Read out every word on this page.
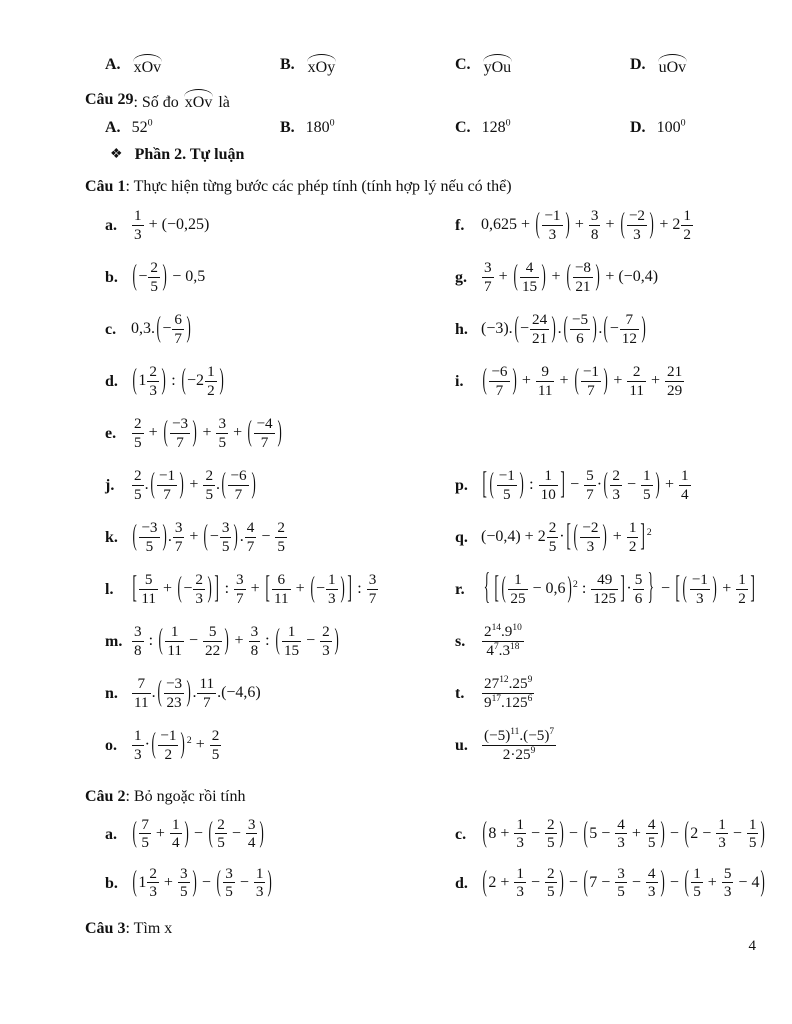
A. xOv	B. xOy	C. yOu	D. uOv
Câu 29 : Số đo xOv là
A. $52^0$	B. $180^0$	C. $128^0$	D. $100^0$
❖ Phần 2. Tự luận
Câu 1 : Thực hiện từng bước các phép tính (tính hợp lý nếu có thể)
a. $\frac{1}{3} + (-0,25)$	f.	0,625 + ( $\frac{-1}{3}$ ) + $\frac{3}{8}$ + ( $\frac{-2}{3}$ ) + $2 \frac{1}{2}$
b. (− $\frac{2}{5}$ ) − 0,5	g. $\frac{3}{7}$ + ( $\frac{4}{15}$ ) + ( $\frac{-8}{21}$ ) + (−0,4)
c. $0,3.(- \frac{6}{7}$ )	h. $(-3).(- \frac{24}{21}$ ).( $\frac{-5}{6}$ ).(− $\frac{7}{12}$ )
d. ($1 \frac{2}{3}$ ) : ($-2 \frac{1}{2}$ )	i.	( $\frac{-6}{7}$ ) + $\frac{9}{11}$ + ( $\frac{-1}{7}$ ) + $\frac{2}{11} + \frac{21}{29}$
e.	$\frac{2}{5}$ + ( $\frac{-3}{7}$ ) + $\frac{3}{5}$ + ( $\frac{-4}{7}$ )
j.	$\frac{2}{5}$ .( $\frac{-1}{7}$ ) + $\frac{2}{5}$ .( $\frac{-6}{7}$ )	p. [ ( $\frac{-1}{5}$ ) : $\frac{1}{10}$ ] − $\frac{5}{7}$ ·( $\frac{2}{3} - \frac{1}{5}$ ) + $\frac{1}{4}$
k. ( $\frac{-3}{5}$ ). $\frac{3}{7}$ + (− $\frac{3}{5}$ ). $\frac{4}{7} - \frac{2}{5}$	q. $(-0,4) + 2 \frac{2}{5}$ ·[ ( $\frac{-2}{3}$ ) + $\frac{1}{2} ]^2$
l.	[ $\frac{5}{11}$ + (− $\frac{2}{3}$ ) ] : $\frac{3}{7}$ + [ $\frac{6}{11}$ + (− $\frac{1}{3}$ ) ] : $\frac{3}{7}$	r.	{ [ ( $\frac{1}{25} - 0,6$) $^2$ : $\frac{49}{125}$ ]· $\frac{5}{6}$ } − [ ( $\frac{-1}{3}$ ) + $\frac{1}{2}$ ]
m. $\frac{3}{8}$ : ( $\frac{1}{11} - \frac{5}{22}$ ) + $\frac{3}{8}$ : ( $\frac{1}{15} - \frac{2}{3}$ )	s.	$\frac{2^{14}.9^{10}}{4^7.3^{18}}$
n. $\frac{7}{11}$ .( $\frac{-3}{23}$ ). $\frac{11}{7} .(-4,6)$	t.	$\frac{27^{12}.25^9}{9^{17}.125^6}$
o. $\frac{1}{3}$ ·( $\frac{-1}{2}$ ) $^2 + \frac{2}{5}$	u. $\frac{(-5)^{11}.(-5)^7}{2\cdot 25^9}$
Câu 2 : Bỏ ngoặc rồi tính
a. ( $\frac{7}{5} + \frac{1}{4}$ ) − ( $\frac{2}{5} - \frac{3}{4}$ )	c.	($8 + \frac{1}{3} - \frac{2}{5}$ ) − ($5 - \frac{4}{3} + \frac{4}{5}$ ) − ($2 - \frac{1}{3} - \frac{1}{5}$ )
b. ($1 \frac{2}{3} + \frac{3}{5}$ ) − ( $\frac{3}{5} - \frac{1}{3}$ )	d. ($2 + \frac{1}{3} - \frac{2}{5}$ ) − ($7 - \frac{3}{5} - \frac{4}{3}$ ) − ( $\frac{1}{5} + \frac{5}{3} - 4$)
Câu 3 : Tìm x
4
